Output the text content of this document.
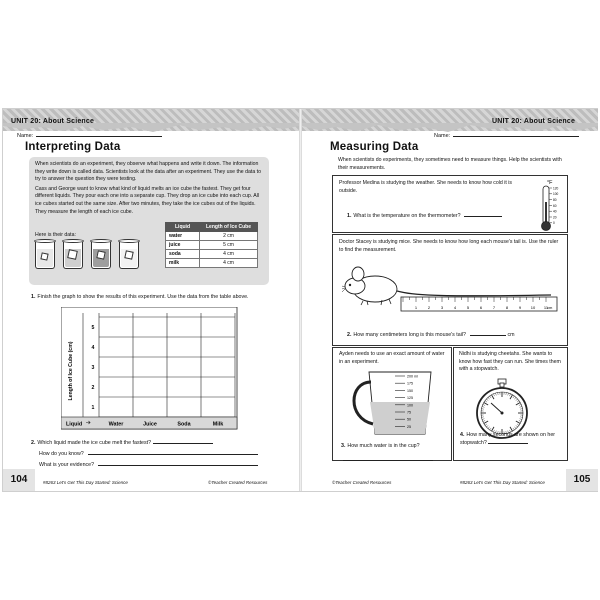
UNIT 20: About Science
Name:
Interpreting Data
When scientists do an experiment, they observe what happens and write it down. The information they write down is called data. Scientists look at the data after an experiment. They use the data to try to answer the question they were testing.
Cass and George want to know what kind of liquid melts an ice cube the fastest. They get four different liquids. They pour each one into a separate cup. They drop an ice cube into each cup. All ice cubes started out the same size. After two minutes, they take the ice cubes out of the liquids. They measure the length of each ice cube.
Here is their data:
Liquid	Length of Ice Cube
water	2 cm
juice	5 cm
soda	4 cm
milk	4 cm
1. Finish the graph to show the results of this experiment. Use the data from the table above.
Length of Ice Cube (cm)
5
4
3
2
1
Liquid	Water	Juice	Soda	Milk
2. Which liquid made the ice cube melt the fastest?
How do you know?
What is your evidence?
104	#8263 Let's Get This Day Started: Science	©Teacher Created Resources
UNIT 20: About Science
Name:
Measuring Data
When scientists do experiments, they sometimes need to measure things. Help the scientists with their measurements.
Professor Medina is studying the weather. She needs to know how cold it is outside.
1. What is the temperature on the thermometer?
°F
120
100
80
60
40
20
0
Doctor Stacey is studying mice. She needs to know how long each mouse's tail is. Use the ruler to find the measurement.
1	2	3	4	5	6	7	8	9 10 11
cm
2. How many centimeters long is this mouse's tail?	cm
Ayden needs to use an exact amount of water in an experiment.
200 ml
175
150
125
100
75
50
25
3. How much water is in the cup?
Nidhi is studying cheetahs. She wants to know how fast they can run. She times them with a stopwatch.
4. How many seconds are shown on her stopwatch?
©Teacher Created Resources	#8263 Let's Get This Day Started: Science	105
